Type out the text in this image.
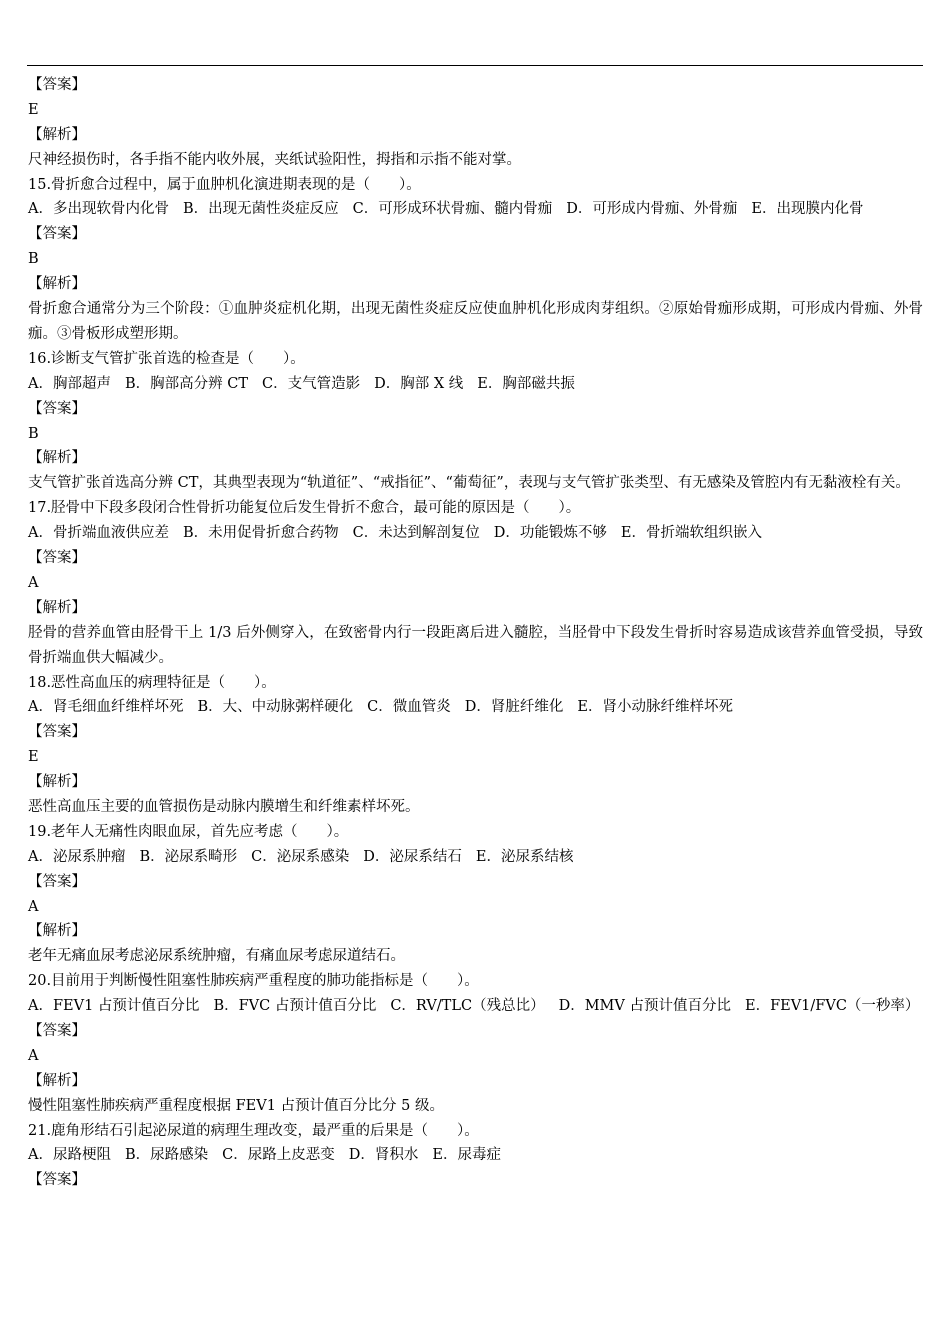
【答案】
E
【解析】
尺神经损伤时，各手指不能内收外展，夹纸试验阳性，拇指和示指不能对掌。
15.骨折愈合过程中，属于血肿机化演进期表现的是（　　）。
A．多出现软骨内化骨 B．出现无菌性炎症反应 C．可形成环状骨痂、髓内骨痂 D．可形成内骨痂、外骨痂 E．出现膜内化骨
【答案】
B
【解析】
骨折愈合通常分为三个阶段：①血肿炎症机化期，出现无菌性炎症反应使血肿机化形成肉芽组织。②原始骨痂形成期，可形成内骨痂、外骨痂。③骨板形成塑形期。
16.诊断支气管扩张首选的检查是（　　）。
A．胸部超声 B．胸部高分辨 CT C．支气管造影 D．胸部 X 线 E．胸部磁共振
【答案】
B
【解析】
支气管扩张首选高分辨 CT，其典型表现为“轨道征”、“戒指征”、“葡萄征”，表现与支气管扩张类型、有无感染及管腔内有无黏液栓有关。
17.胫骨中下段多段闭合性骨折功能复位后发生骨折不愈合，最可能的原因是（　　）。
A．骨折端血液供应差 B．未用促骨折愈合药物 C．未达到解剖复位 D．功能锻炼不够 E．骨折端软组织嵌入
【答案】
A
【解析】
胫骨的营养血管由胫骨干上 1/3 后外侧穿入，在致密骨内行一段距离后进入髓腔，当胫骨中下段发生骨折时容易造成该营养血管受损，导致骨折端血供大幅减少。
18.恶性高血压的病理特征是（　　）。
A．肾毛细血纤维样坏死 B．大、中动脉粥样硬化 C．微血管炎 D．肾脏纤维化 E．肾小动脉纤维样坏死
【答案】
E
【解析】
恶性高血压主要的血管损伤是动脉内膜增生和纤维素样坏死。
19.老年人无痛性肉眼血尿，首先应考虑（　　）。
A．泌尿系肿瘤 B．泌尿系畸形 C．泌尿系感染 D．泌尿系结石 E．泌尿系结核
【答案】
A
【解析】
老年无痛血尿考虑泌尿系统肿瘤，有痛血尿考虑尿道结石。
20.目前用于判断慢性阻塞性肺疾病严重程度的肺功能指标是（　　）。
A．FEV1 占预计值百分比 B．FVC 占预计值百分比 C．RV/TLC（残总比） D．MMV 占预计值百分比 E．FEV1/FVC（一秒率）
【答案】
A
【解析】
慢性阻塞性肺疾病严重程度根据 FEV1 占预计值百分比分 5 级。
21.鹿角形结石引起泌尿道的病理生理改变，最严重的后果是（　　）。
A．尿路梗阻 B．尿路感染 C．尿路上皮恶变 D．肾积水 E．尿毒症
【答案】
